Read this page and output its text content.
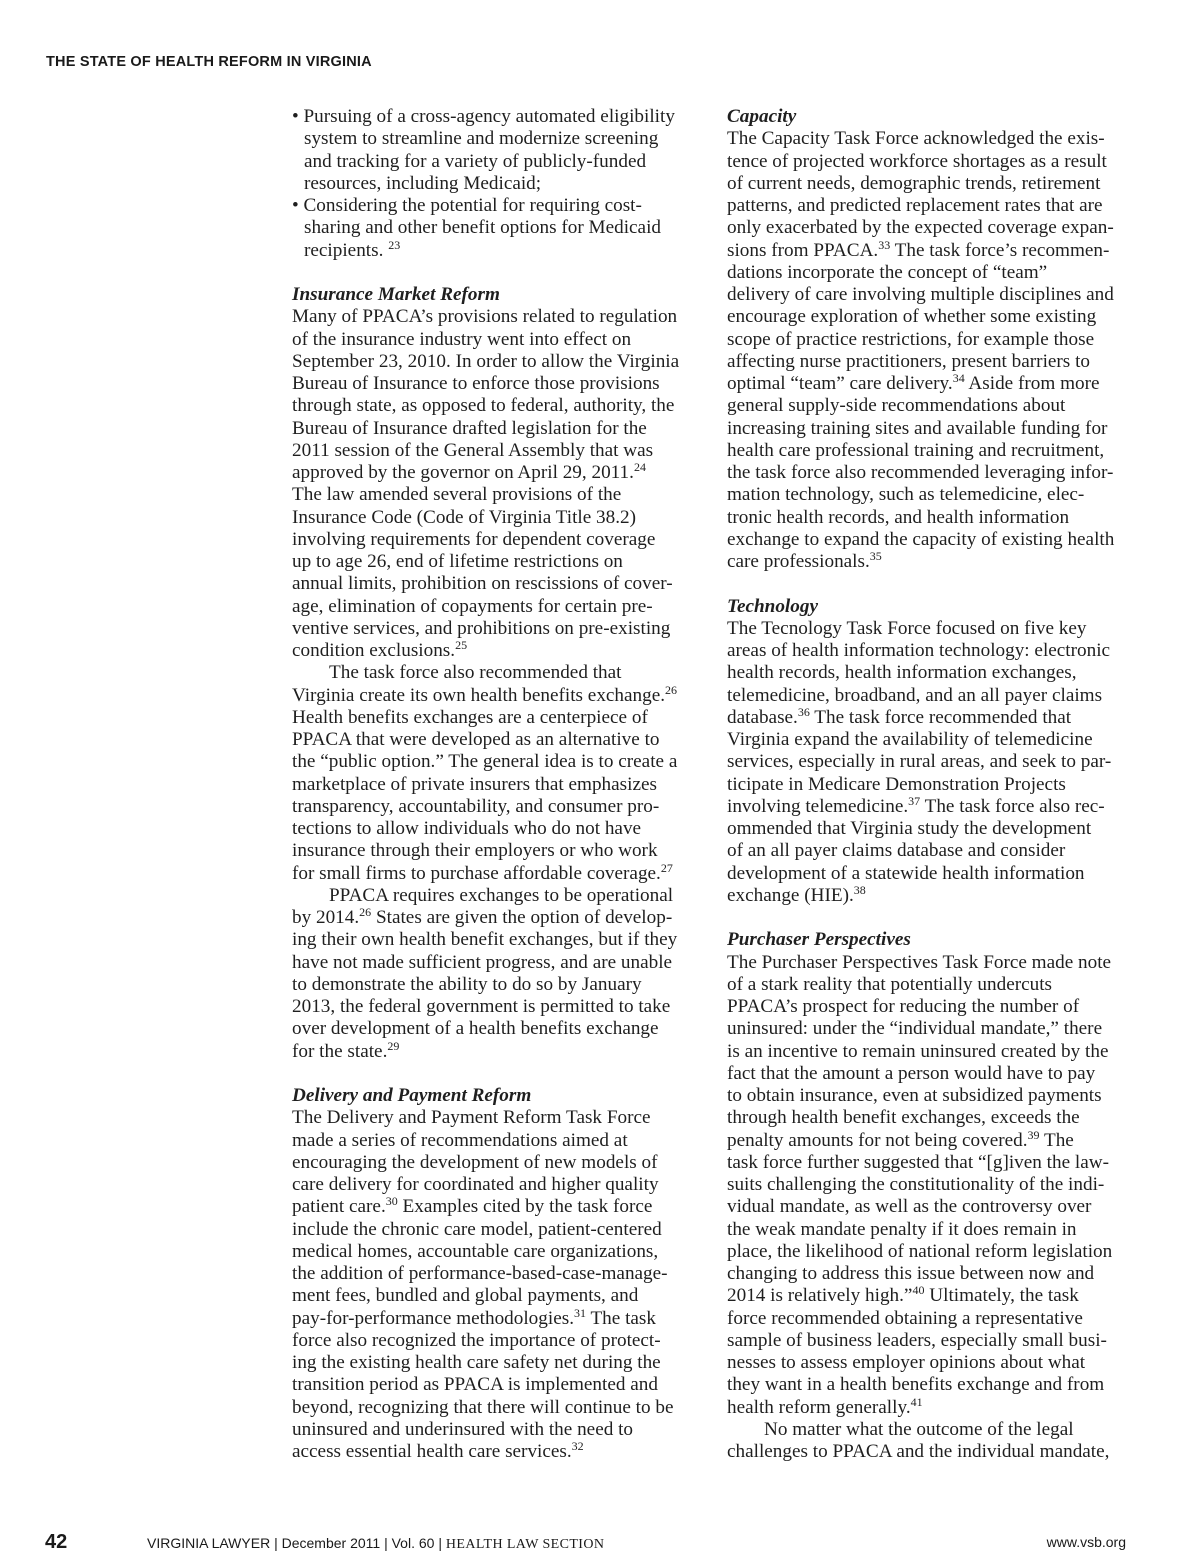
THE STATE OF HEALTH REFORM IN VIRGINIA
• Pursuing of a cross-agency automated eligibility
system to streamline and modernize screening
and tracking for a variety of publicly-funded
resources, including Medicaid;
• Considering the potential for requiring cost-
sharing and other benefit options for Medicaid
recipients. $^{23}$
Insurance Market Reform
Many of PPACA’s provisions related to regulation
of the insurance industry went into effect on
September 23, 2010. In order to allow the Virginia
Bureau of Insurance to enforce those provisions
through state, as opposed to federal, authority, the
Bureau of Insurance drafted legislation for the
2011 session of the General Assembly that was
approved by the governor on April 29, 2011.24
The law amended several provisions of the
Insurance Code (Code of Virginia Title 38.2)
involving requirements for dependent coverage
up to age 26, end of lifetime restrictions on
annual limits, prohibition on rescissions of cover-
age, elimination of copayments for certain pre-
ventive services, and prohibitions on pre-existing
condition exclusions.$^{25}$
The task force also recommended that
Virginia create its own health benefits exchange.$^{26}$
Health benefits exchanges are a centerpiece of
PPACA that were developed as an alternative to
the “public option.” The general idea is to create a
marketplace of private insurers that emphasizes
transparency, accountability, and consumer pro-
tections to allow individuals who do not have
insurance through their employers or who work
for small firms to purchase affordable coverage.$^{27}$
PPACA requires exchanges to be operational
by 2014.26 States are given the option of develop-
ing their own health benefit exchanges, but if they
have not made sufficient progress, and are unable
to demonstrate the ability to do so by January
2013, the federal government is permitted to take
over development of a health benefits exchange
for the state.$^{29}$
Delivery and Payment Reform
The Delivery and Payment Reform Task Force
made a series of recommendations aimed at
encouraging the development of new models of
care delivery for coordinated and higher quality
patient care.$^{30}$ Examples cited by the task force
include the chronic care model, patient-centered
medical homes, accountable care organizations,
the addition of performance-based-case-manage-
ment fees, bundled and global payments, and
pay-for-performance methodologies.$^{31}$ The task
force also recognized the importance of protect-
ing the existing health care safety net during the
transition period as PPACA is implemented and
beyond, recognizing that there will continue to be
uninsured and underinsured with the need to
access essential health care services.$^{32}$
Capacity
The Capacity Task Force acknowledged the exis-
tence of projected workforce shortages as a result
of current needs, demographic trends, retirement
patterns, and predicted replacement rates that are
only exacerbated by the expected coverage expan-
sions from PPACA.$^{33}$ The task force’s recommen-
dations incorporate the concept of “team”
delivery of care involving multiple disciplines and
encourage exploration of whether some existing
scope of practice restrictions, for example those
affecting nurse practitioners, present barriers to
optimal “team” care delivery.$^{34}$ Aside from more
general supply-side recommendations about
increasing training sites and available funding for
health care professional training and recruitment,
the task force also recommended leveraging infor-
mation technology, such as telemedicine, elec-
tronic health records, and health information
exchange to expand the capacity of existing health
care professionals.$^{35}$
Technology
The Tecnology Task Force focused on five key
areas of health information technology: electronic
health records, health information exchanges,
telemedicine, broadband, and an all payer claims
database.$^{36}$ The task force recommended that
Virginia expand the availability of telemedicine
services, especially in rural areas, and seek to par-
ticipate in Medicare Demonstration Projects
involving telemedicine.$^{37}$ The task force also rec-
ommended that Virginia study the development
of an all payer claims database and consider
development of a statewide health information
exchange (HIE).$^{38}$
Purchaser Perspectives
The Purchaser Perspectives Task Force made note
of a stark reality that potentially undercuts
PPACA’s prospect for reducing the number of
uninsured: under the “individual mandate,” there
is an incentive to remain uninsured created by the
fact that the amount a person would have to pay
to obtain insurance, even at subsidized payments
through health benefit exchanges, exceeds the
penalty amounts for not being covered.$^{39}$ The
task force further suggested that “[g]iven the law-
suits challenging the constitutionality of the indi-
vidual mandate, as well as the controversy over
the weak mandate penalty if it does remain in
place, the likelihood of national reform legislation
changing to address this issue between now and
2014 is relatively high.”$^{40}$ Ultimately, the task
force recommended obtaining a representative
sample of business leaders, especially small busi-
nesses to assess employer opinions about what
they want in a health benefits exchange and from
health reform generally.$^{41}$
No matter what the outcome of the legal
challenges to PPACA and the individual mandate,
42	VIRGINIA LAWYER | December 2011 | Vol. 60 | HEALTH LAW SECTION	www.vsb.org
